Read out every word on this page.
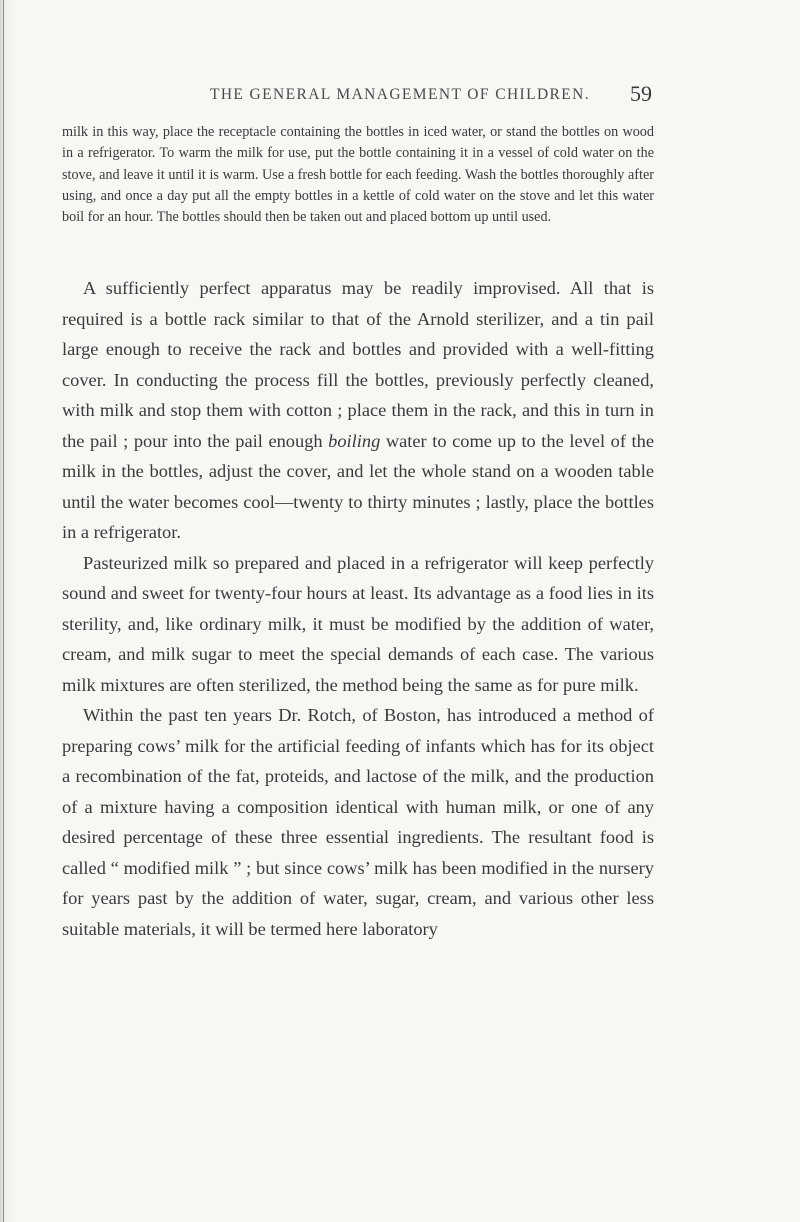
THE GENERAL MANAGEMENT OF CHILDREN.	59

milk in this way, place the receptacle containing the bottles in iced water, or stand the bottles on wood in a refrigerator. To warm the milk for use, put the bottle containing it in a vessel of cold water on the stove, and leave it until it is warm. Use a fresh bottle for each feeding. Wash the bottles thoroughly after using, and once a day put all the empty bottles in a kettle of cold water on the stove and let this water boil for an hour. The bottles should then be taken out and placed bottom up until used.

A sufficiently perfect apparatus may be readily improvised. All that is required is a bottle rack similar to that of the Arnold sterilizer, and a tin pail large enough to receive the rack and bottles and provided with a well-fitting cover. In conducting the process fill the bottles, previously perfectly cleaned, with milk and stop them with cotton ; place them in the rack, and this in turn in the pail ; pour into the pail enough boiling water to come up to the level of the milk in the bottles, adjust the cover, and let the whole stand on a wooden table until the water becomes cool—twenty to thirty minutes ; lastly, place the bottles in a refrigerator.

Pasteurized milk so prepared and placed in a refrigerator will keep perfectly sound and sweet for twenty-four hours at least. Its advantage as a food lies in its sterility, and, like ordinary milk, it must be modified by the addition of water, cream, and milk sugar to meet the special demands of each case. The various milk mixtures are often sterilized, the method being the same as for pure milk.

Within the past ten years Dr. Rotch, of Boston, has introduced a method of preparing cows’ milk for the artificial feeding of infants which has for its object a recombination of the fat, proteids, and lactose of the milk, and the production of a mixture having a composition identical with human milk, or one of any desired percentage of these three essential ingredients. The resultant food is called “ modified milk ” ; but since cows’ milk has been modified in the nursery for years past by the addition of water, sugar, cream, and various other less suitable materials, it will be termed here laboratory
